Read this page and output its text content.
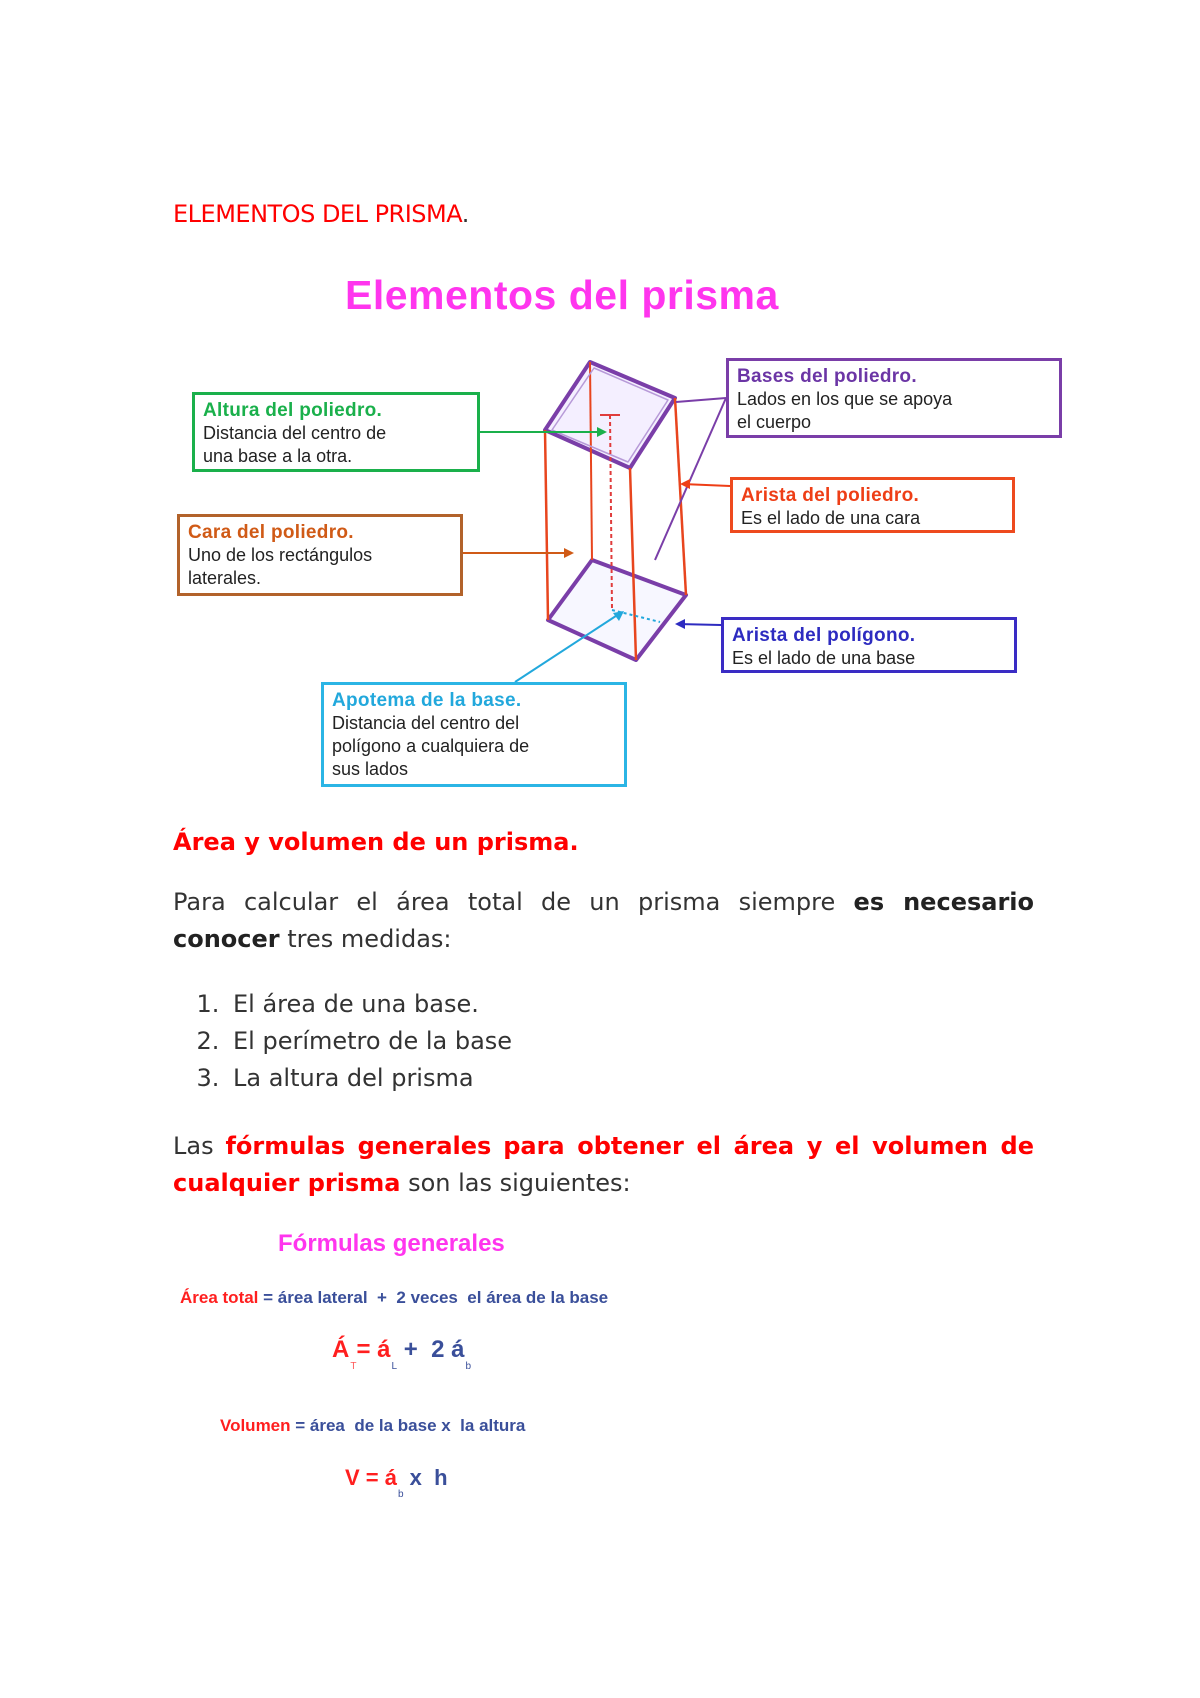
ELEMENTOS DEL PRISMA.
Elementos del prisma
Altura del poliedro.
Distancia del centro de
una base a la otra.
Bases del poliedro.
Lados en los que se apoya
el cuerpo
Cara del poliedro.
Uno de los rectángulos
laterales.
Arista del poliedro.
Es el lado de una cara
Arista del polígono.
Es el lado de una base
Apotema de la base.
Distancia del centro del
polígono a cualquiera de
sus lados
Área y volumen de un prisma.
Para calcular el área total de un prisma siempre es necesario conocer tres medidas:
1. El área de una base.
2. El perímetro de la base
3. La altura del prisma
Las fórmulas generales para obtener el área y el volumen de cualquier prisma son las siguientes:
Fórmulas generales
Área total = área lateral  +  2 veces  el área de la base
$Á_T=$ $á_L + 2$ $á_b$
Volumen = área  de la base x  la altura
$V = á_b$ x  h
